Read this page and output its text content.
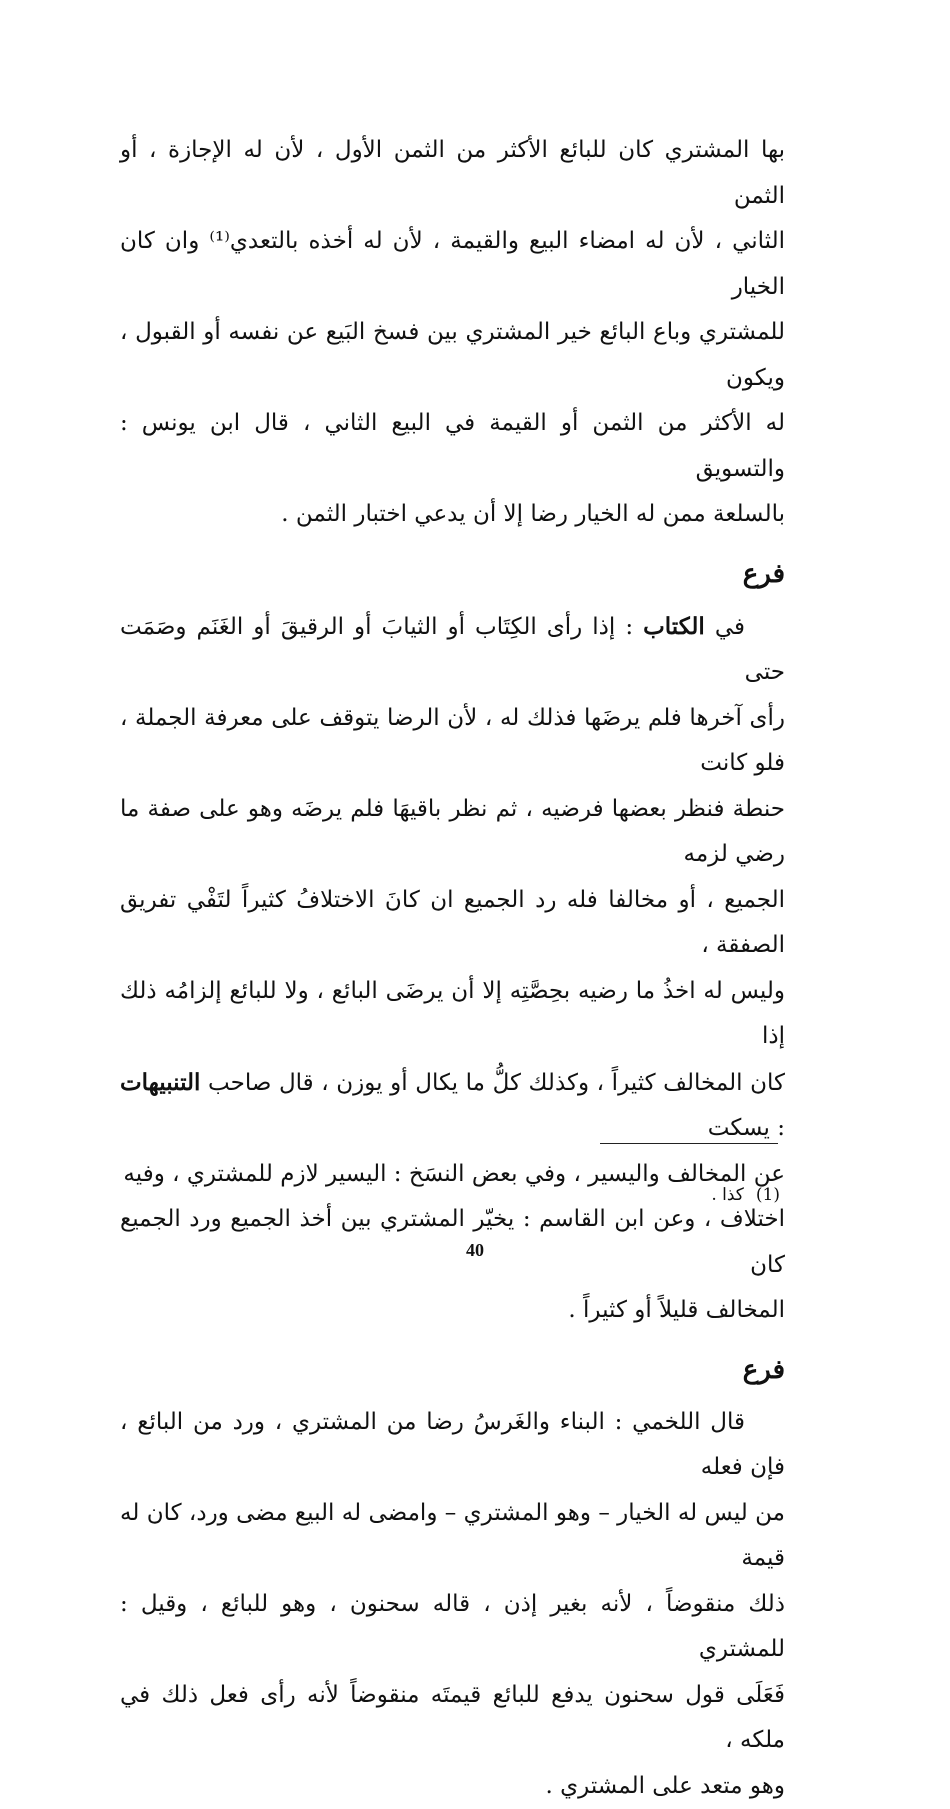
بها المشتري كان للبائع الأكثر من الثمن الأول ، لأن له الإجازة ، أو الثمن

الثاني ، لأن له امضاء البيع والقيمة ، لأن له أخذه بالتعدي⁽¹⁾ وان كان الخيار

للمشتري وباع البائع خير المشتري بين فسخ البَيع عن نفسه أو القبول ، ويكون

له الأكثر من الثمن أو القيمة في البيع الثاني ، قال ابن يونس : والتسويق

بالسلعة ممن له الخيار رضا إلا أن يدعي اختبار الثمن .

فرع

في الكتاب : إذا رأى الكِتَاب أو الثيابَ أو الرقيقَ أو الغَنَم وصَمَت حتى

رأى آخرها فلم يرضَها فذلك له ، لأن الرضا يتوقف على معرفة الجملة ، فلو كانت

حنطة فنظر بعضها فرضيه ، ثم نظر باقيهَا فلم يرضَه وهو على صفة ما رضي لزمه

الجميع ، أو مخالفا فله رد الجميع ان كانَ الاختلافُ كثيراً لتَفْي تفريق الصفقة ،

وليس له اخذُ ما رضيه بحِصَّتِه إلا أن يرضَى البائع ، ولا للبائع إلزامُه ذلك إذا

كان المخالف كثيراً ، وكذلك كلُّ ما يكال أو يوزن ، قال صاحب التنبيهات : يسكت

عن المخالف واليسير ، وفي بعض النسَخ : اليسير لازم للمشتري ، وفيه

اختلاف ، وعن ابن القاسم : يخيّر المشتري بين أخذ الجميع ورد الجميع كان

المخالف قليلاً أو كثيراً .

فرع

قال اللخمي : البناء والغَرسُ رضا من المشتري ، ورد من البائع ، فإن فعله

من ليس له الخيار – وهو المشتري – وامضى له البيع مضى ورد، كان له قيمة

ذلك منقوضاً ، لأنه بغير إذن ، قاله سحنون ، وهو للبائع ، وقيل : للمشتري

فَعَلَى قول سحنون يدفع للبائع قيمتَه منقوضاً لأنه رأى فعل ذلك في ملكه ،

وهو متعد على المشتري .

(1)كذا .
40
